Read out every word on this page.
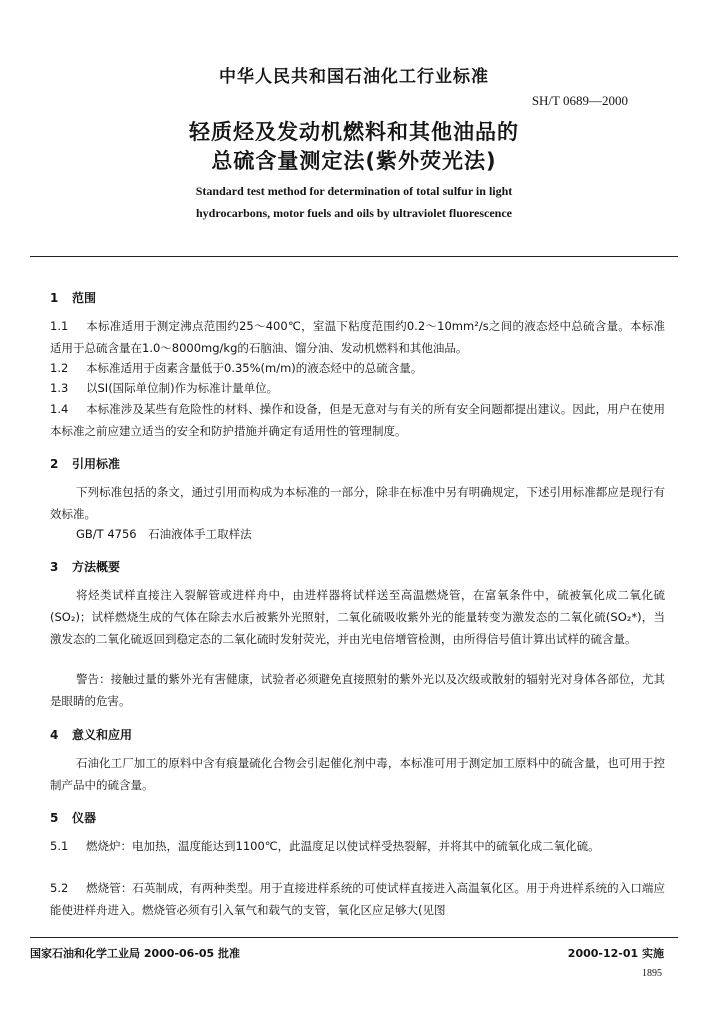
中华人民共和国石油化工行业标准
SH/T 0689—2000
轻质烃及发动机燃料和其他油品的
总硫含量测定法(紫外荧光法)
Standard test method for determination of total sulfur in light
hydrocarbons, motor fuels and oils by ultraviolet fluorescence
1 范围
1.1 本标准适用于测定沸点范围约25～400℃，室温下粘度范围约0.2～10mm²/s之间的液态烃中总硫含量。本标准适用于总硫含量在1.0～8000mg/kg的石脑油、馏分油、发动机燃料和其他油品。
1.2 本标准适用于卤素含量低于0.35%(m/m)的液态烃中的总硫含量。
1.3 以SI(国际单位制)作为标准计量单位。
1.4 本标准涉及某些有危险性的材料、操作和设备，但是无意对与有关的所有安全问题都提出建议。因此，用户在使用本标准之前应建立适当的安全和防护措施并确定有适用性的管理制度。
2 引用标准
下列标准包括的条文，通过引用而构成为本标准的一部分，除非在标准中另有明确规定，下述引用标准都应是现行有效标准。
GB/T 4756　石油液体手工取样法
3 方法概要
将烃类试样直接注入裂解管或进样舟中，由进样器将试样送至高温燃烧管，在富氧条件中，硫被氧化成二氧化硫(SO₂)；试样燃烧生成的气体在除去水后被紫外光照射，二氧化硫吸收紫外光的能量转变为激发态的二氧化硫(SO₂*)，当激发态的二氧化硫返回到稳定态的二氧化硫时发射荧光，并由光电倍增管检测，由所得信号值计算出试样的硫含量。
警告：接触过量的紫外光有害健康，试验者必须避免直接照射的紫外光以及次级或散射的辐射光对身体各部位，尤其是眼睛的危害。
4 意义和应用
石油化工厂加工的原料中含有痕量硫化合物会引起催化剂中毒，本标准可用于测定加工原料中的硫含量，也可用于控制产品中的硫含量。
5 仪器
5.1 燃烧炉：电加热，温度能达到1100℃，此温度足以使试样受热裂解，并将其中的硫氧化成二氧化硫。
5.2 燃烧管：石英制成，有两种类型。用于直接进样系统的可使试样直接进入高温氧化区。用于舟进样系统的入口端应能使进样舟进入。燃烧管必须有引入氧气和载气的支管，氧化区应足够大(见图
国家石油和化学工业局 2000-06-05 批准	2000-12-01 实施
1895
